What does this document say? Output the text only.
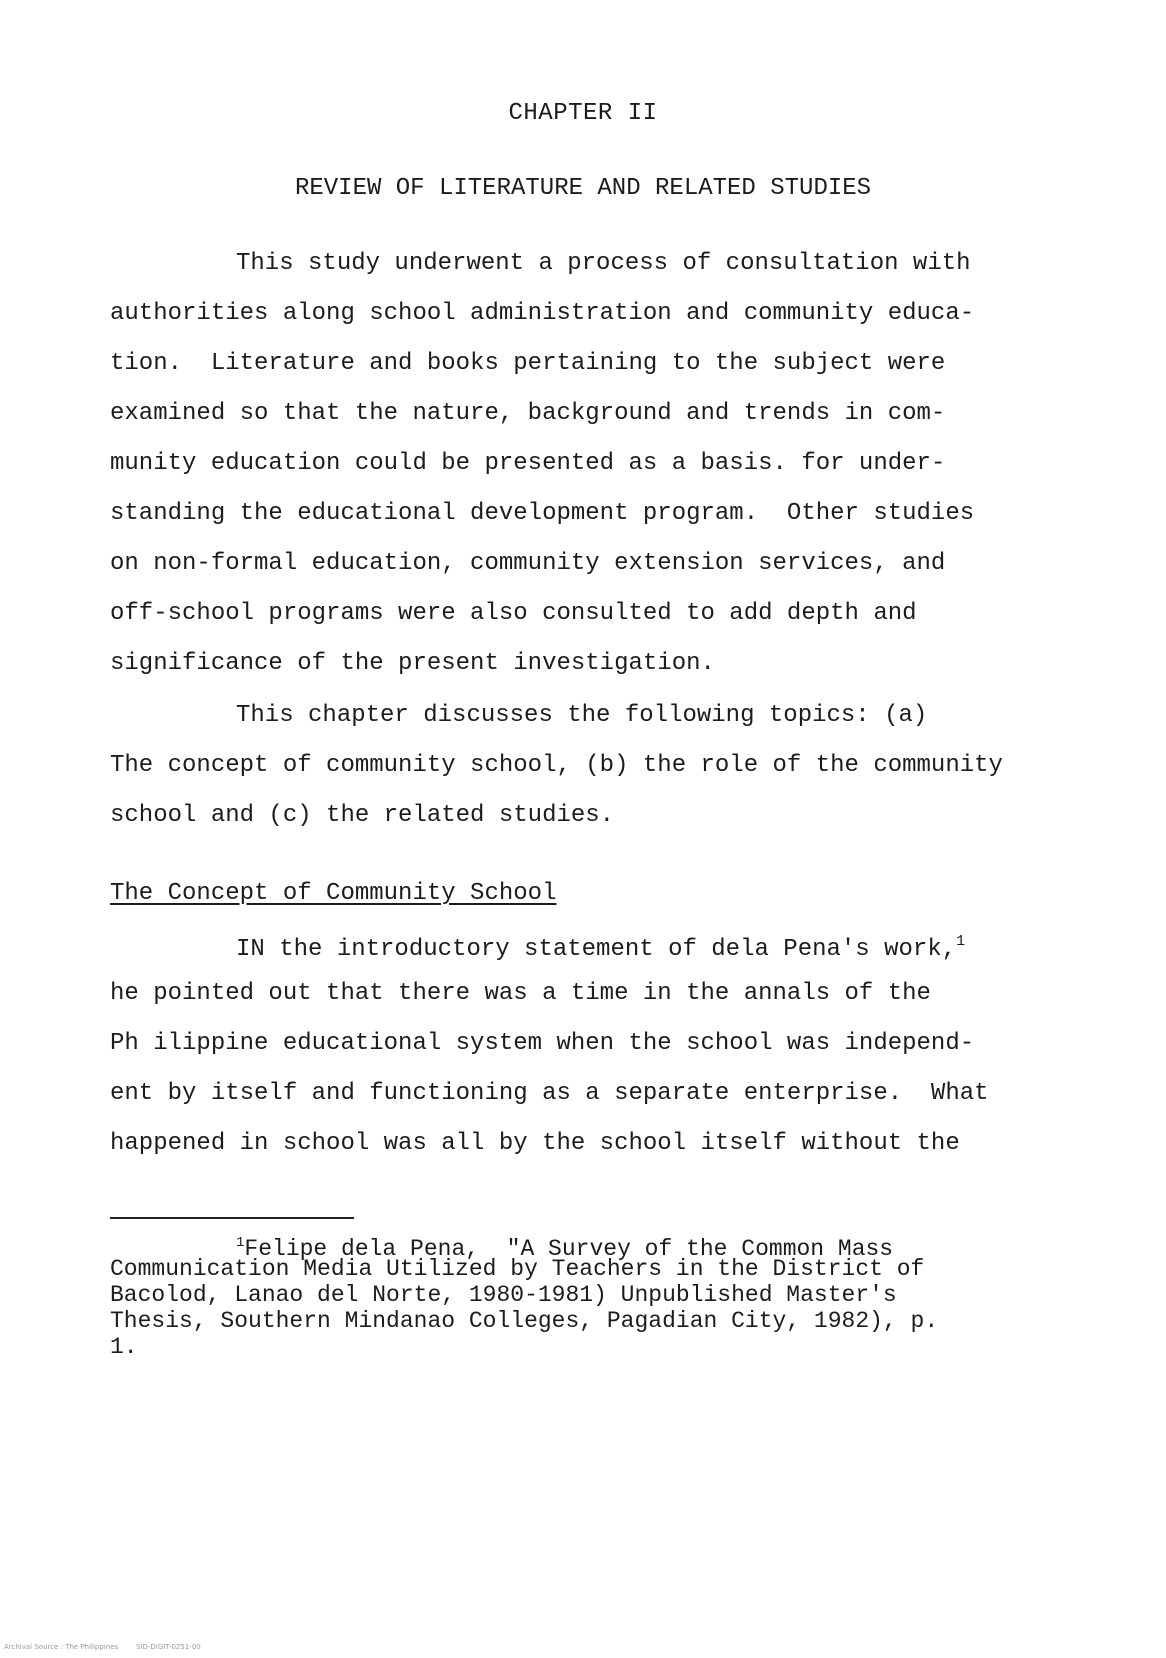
CHAPTER II
REVIEW OF LITERATURE AND RELATED STUDIES
This study underwent a process of consultation with
authorities along school administration and community educa-
tion.  Literature and books pertaining to the subject were
examined so that the nature, background and trends in com-
munity education could be presented as a basis. for under-
standing the educational development program.  Other studies
on non-formal education, community extension services, and
off-school programs were also consulted to add depth and
significance of the present investigation.
This chapter discusses the following topics: (a)
The concept of community school, (b) the role of the community
school and (c) the related studies.
The Concept of Community School
IN the introductory statement of dela Pena's work,$^1$
he pointed out that there was a time in the annals of the
Ph ilippine educational system when the school was independ-
ent by itself and functioning as a separate enterprise.  What
happened in school was all by the school itself without the
$^1$Felipe dela Pena,  "A Survey of the Common Mass
Communication Media Utilized by Teachers in the District of
Bacolod, Lanao del Norte, 1980-1981) Unpublished Master's
Thesis, Southern Mindanao Colleges, Pagadian City, 1982), p.
1.
Archival Source : The Philippines        SID-DIGIT-0251-00
